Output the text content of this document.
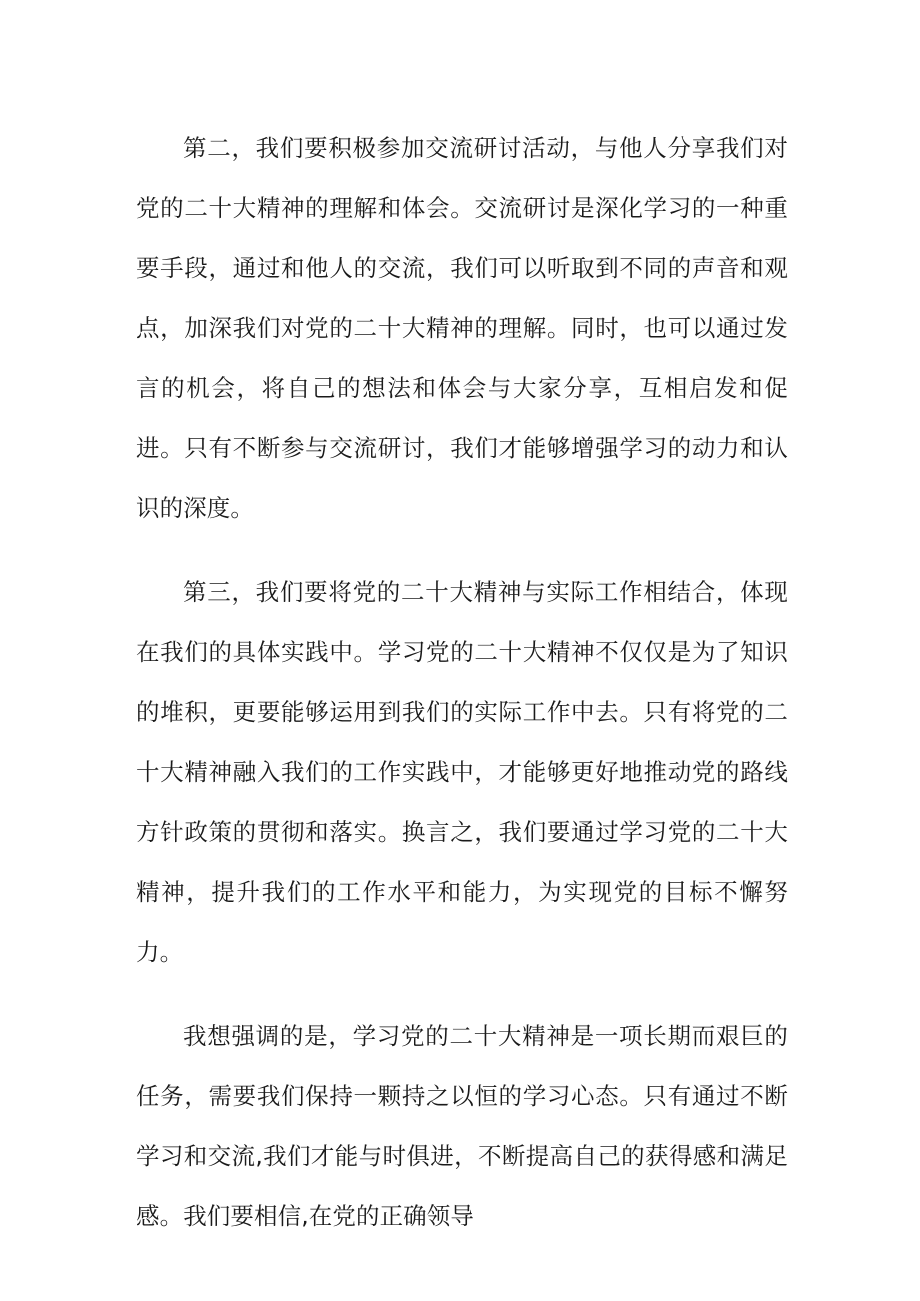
第二，我们要积极参加交流研讨活动，与他人分享我们对党的二十大精神的理解和体会。交流研讨是深化学习的一种重要手段，通过和他人的交流，我们可以听取到不同的声音和观点，加深我们对党的二十大精神的理解。同时，也可以通过发言的机会，将自己的想法和体会与大家分享，互相启发和促进。只有不断参与交流研讨，我们才能够增强学习的动力和认识的深度。

第三，我们要将党的二十大精神与实际工作相结合，体现在我们的具体实践中。学习党的二十大精神不仅仅是为了知识的堆积，更要能够运用到我们的实际工作中去。只有将党的二十大精神融入我们的工作实践中，才能够更好地推动党的路线方针政策的贯彻和落实。换言之，我们要通过学习党的二十大精神，提升我们的工作水平和能力，为实现党的目标不懈努力。

我想强调的是，学习党的二十大精神是一项长期而艰巨的任务，需要我们保持一颗持之以恒的学习心态。只有通过不断学习和交流,我们才能与时俱进，不断提高自己的获得感和满足感。我们要相信,在党的正确领导
